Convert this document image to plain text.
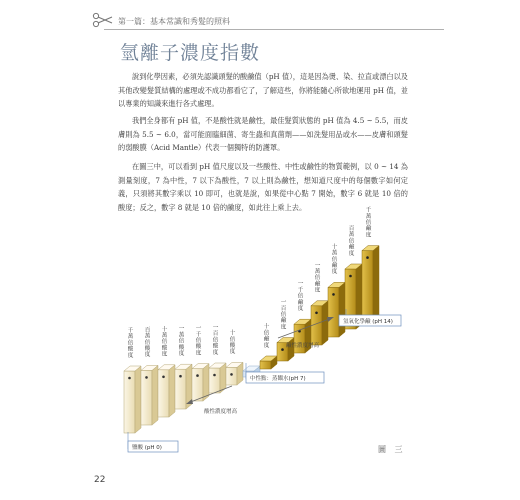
第一篇：基本常識和秀髮的照料
氫離子濃度指數
說到化學因素，必須先認識頭髮的酸鹼值（pH 值），這是因為燙、染、拉直或漂白以及其他改變髮質結構的處理或不成功都看它了，了解這些，你將能隨心所欲地運用 pH 值，並以專業的知識來進行各式處理。
我們全身都有 pH 值，不是酸性就是鹼性，最佳髮質狀態的 pH 值為 4.5 ~ 5.5，而皮膚則為 5.5 ~ 6.0，當可能面臨細菌、寄生蟲和真菌劑——如洗髮用品或水——皮膚和頭髮的弱酸膜（Acid Mantle）代表一個獨特的防護罩。
在圖三中，可以看到 pH 值尺度以及一些酸性、中性或鹼性的物質範例，以 0 ~ 14 為測量刻度，7 為中性，7 以下為酸性，7 以上則為鹼性，想知道尺度中的每個數字如何定義，只須將其數字乘以 10 即可，也就是說，如果從中心點 7 開始，數字 6 就是 10 倍的酸度；反之，數字 8 就是 10 倍的鹼度，如此往上乘上去。
千萬倍酸度
百萬倍酸度
十萬倍酸度
一萬倍酸度
一千倍酸度
一百倍酸度
十倍酸度
十倍鹼度
一百倍鹼度
一千倍鹼度
一萬倍鹼度
十萬倍鹼度
百萬倍鹼度
千萬倍鹼度
酸性濃度增高
鹼性濃度增高
鹽酸 (pH 0)
中性點：蒸餾水(pH 7)
氫氧化學鹼 (pH 14)
圖 三
22
